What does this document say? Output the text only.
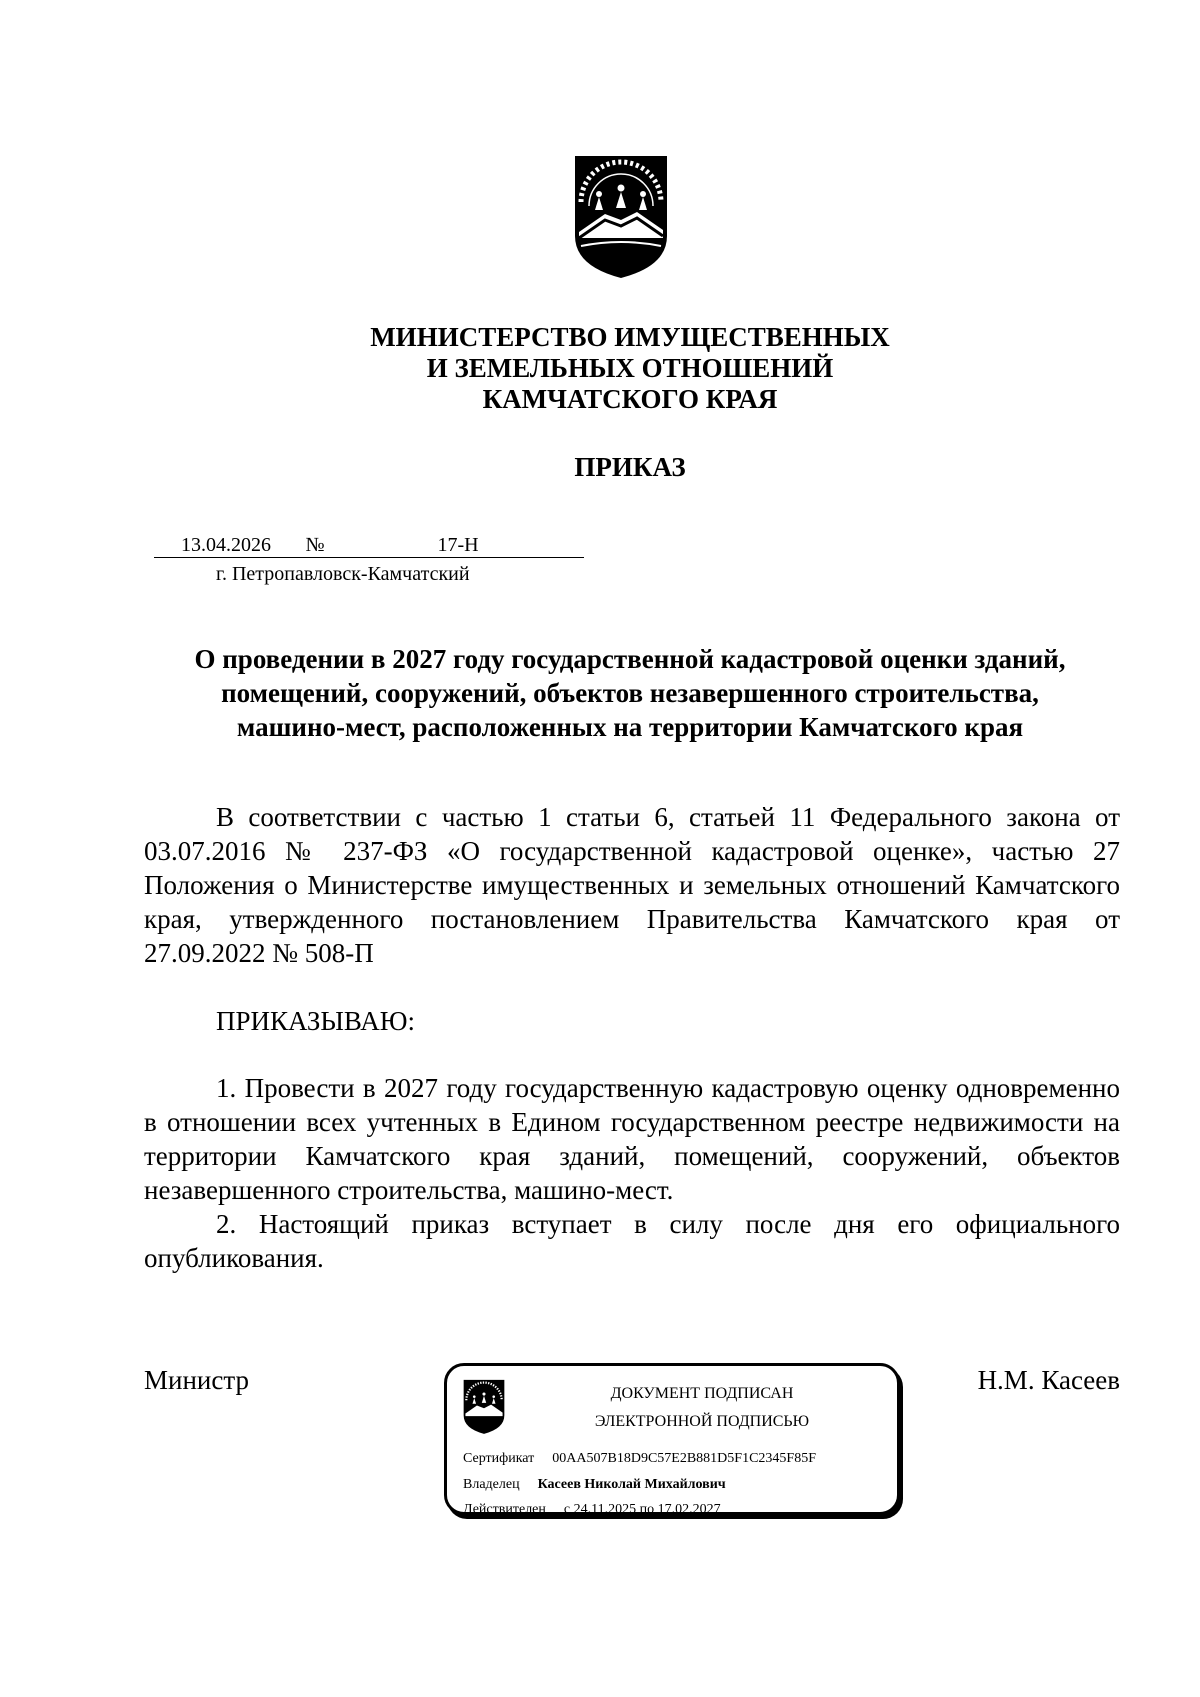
МИНИСТЕРСТВО ИМУЩЕСТВЕННЫХ
И ЗЕМЕЛЬНЫХ ОТНОШЕНИЙ
КАМЧАТСКОГО КРАЯ
ПРИКАЗ
13.04.2026 №	17-Н
г. Петропавловск-Камчатский
О проведении в 2027 году государственной кадастровой оценки зданий,
помещений, сооружений, объектов незавершенного строительства,
машино-мест, расположенных на территории Камчатского края

В соответствии с частью 1 статьи 6, статьей 11 Федерального закона от 03.07.2016 № 237-ФЗ «О государственной кадастровой оценке», частью 27 Положения о Министерстве имущественных и земельных отношений Камчатского края, утвержденного постановлением Правительства Камчатского края от 27.09.2022 № 508-П

ПРИКАЗЫВАЮ:

1. Провести в 2027 году государственную кадастровую оценку одновременно в отношении всех учтенных в Едином государственном реестре недвижимости на территории Камчатского края зданий, помещений, сооружений, объектов незавершенного строительства, машино-мест.

2. Настоящий приказ вступает в силу после дня его официального опубликования.

Министр	Н.М. Касеев
ДОКУМЕНТ ПОДПИСАН
ЭЛЕКТРОННОЙ ПОДПИСЬЮ
Сертификат 00AA507B18D9C57E2B881D5F1C2345F85F
Владелец Касеев Николай Михайлович
Действителен с 24.11.2025 по 17.02.2027
